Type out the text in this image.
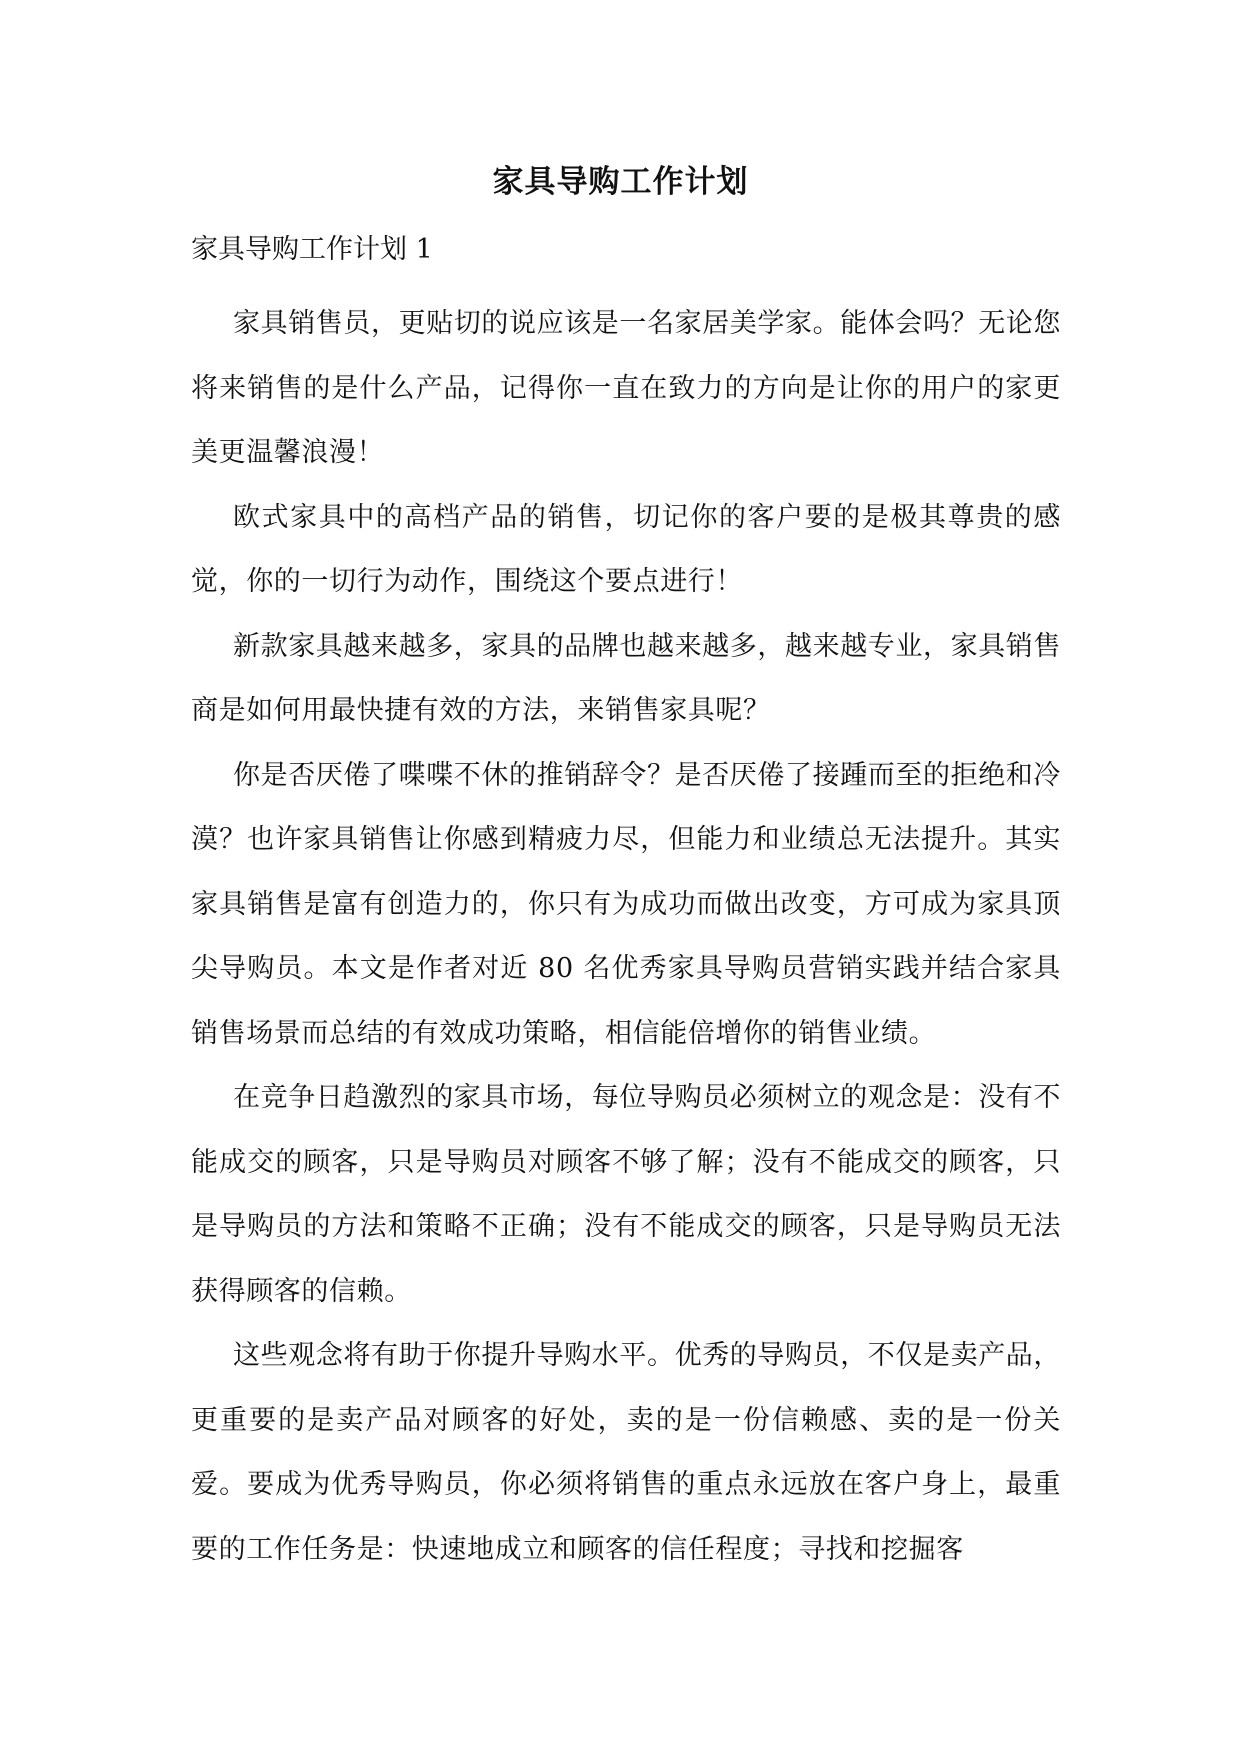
家具导购工作计划
家具导购工作计划 1

家具销售员，更贴切的说应该是一名家居美学家。能体会吗？无论您将来销售的是什么产品，记得你一直在致力的方向是让你的用户的家更美更温馨浪漫！

欧式家具中的高档产品的销售，切记你的客户要的是极其尊贵的感觉，你的一切行为动作，围绕这个要点进行！

新款家具越来越多，家具的品牌也越来越多，越来越专业，家具销售商是如何用最快捷有效的方法，来销售家具呢？

你是否厌倦了喋喋不休的推销辞令？是否厌倦了接踵而至的拒绝和冷漠？也许家具销售让你感到精疲力尽，但能力和业绩总无法提升。其实家具销售是富有创造力的，你只有为成功而做出改变，方可成为家具顶尖导购员。本文是作者对近 80 名优秀家具导购员营销实践并结合家具销售场景而总结的有效成功策略，相信能倍增你的销售业绩。

在竞争日趋激烈的家具市场，每位导购员必须树立的观念是：没有不能成交的顾客，只是导购员对顾客不够了解；没有不能成交的顾客，只是导购员的方法和策略不正确；没有不能成交的顾客，只是导购员无法获得顾客的信赖。

这些观念将有助于你提升导购水平。优秀的导购员，不仅是卖产品，更重要的是卖产品对顾客的好处，卖的是一份信赖感、卖的是一份关爱。要成为优秀导购员，你必须将销售的重点永远放在客户身上，最重要的工作任务是：快速地成立和顾客的信任程度；寻找和挖掘客
